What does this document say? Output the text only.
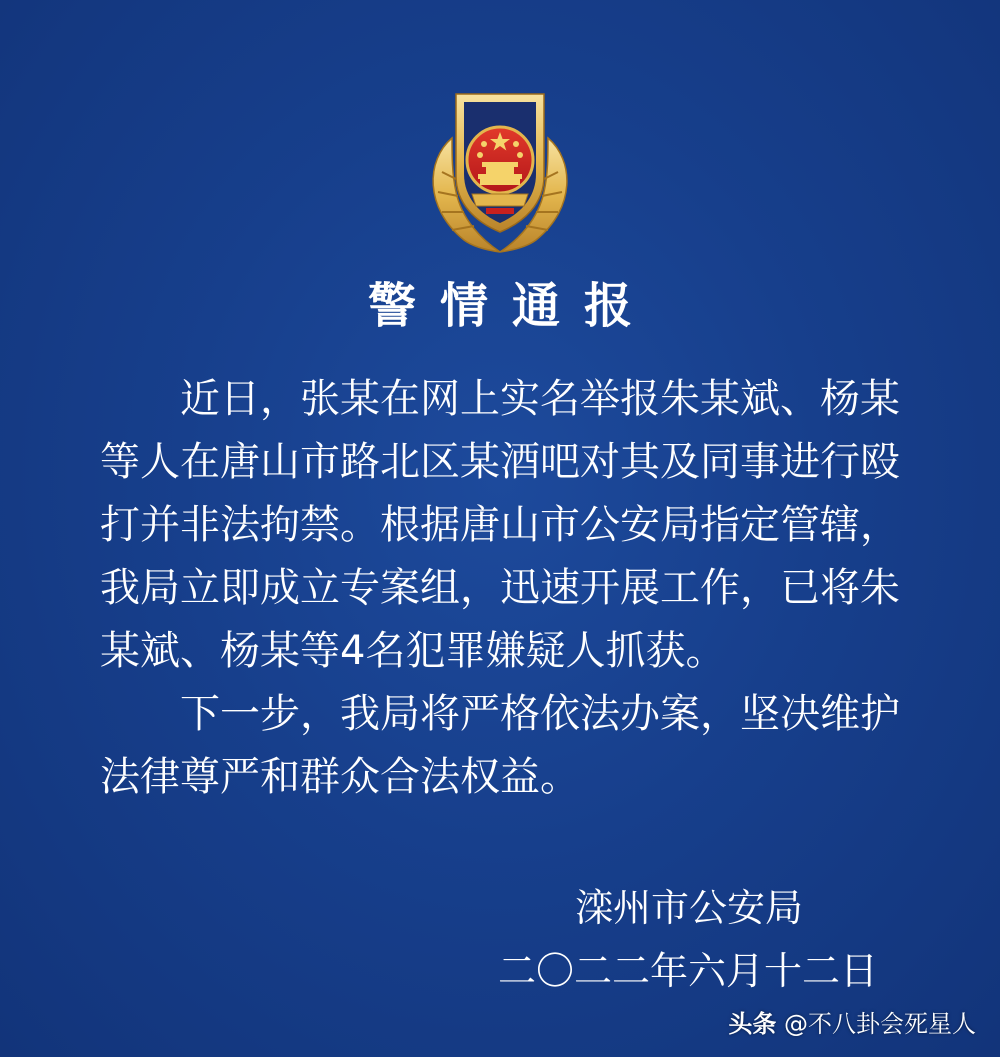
警情通报

近日，张某在网上实名举报朱某斌、杨某等人在唐山市路北区某酒吧对其及同事进行殴打并非法拘禁。根据唐山市公安局指定管辖，我局立即成立专案组，迅速开展工作，已将朱某斌、杨某等4名犯罪嫌疑人抓获。

下一步，我局将严格依法办案，坚决维护法律尊严和群众合法权益。

滦州市公安局
二〇二二年六月十二日
头条 @不八卦会死星人
